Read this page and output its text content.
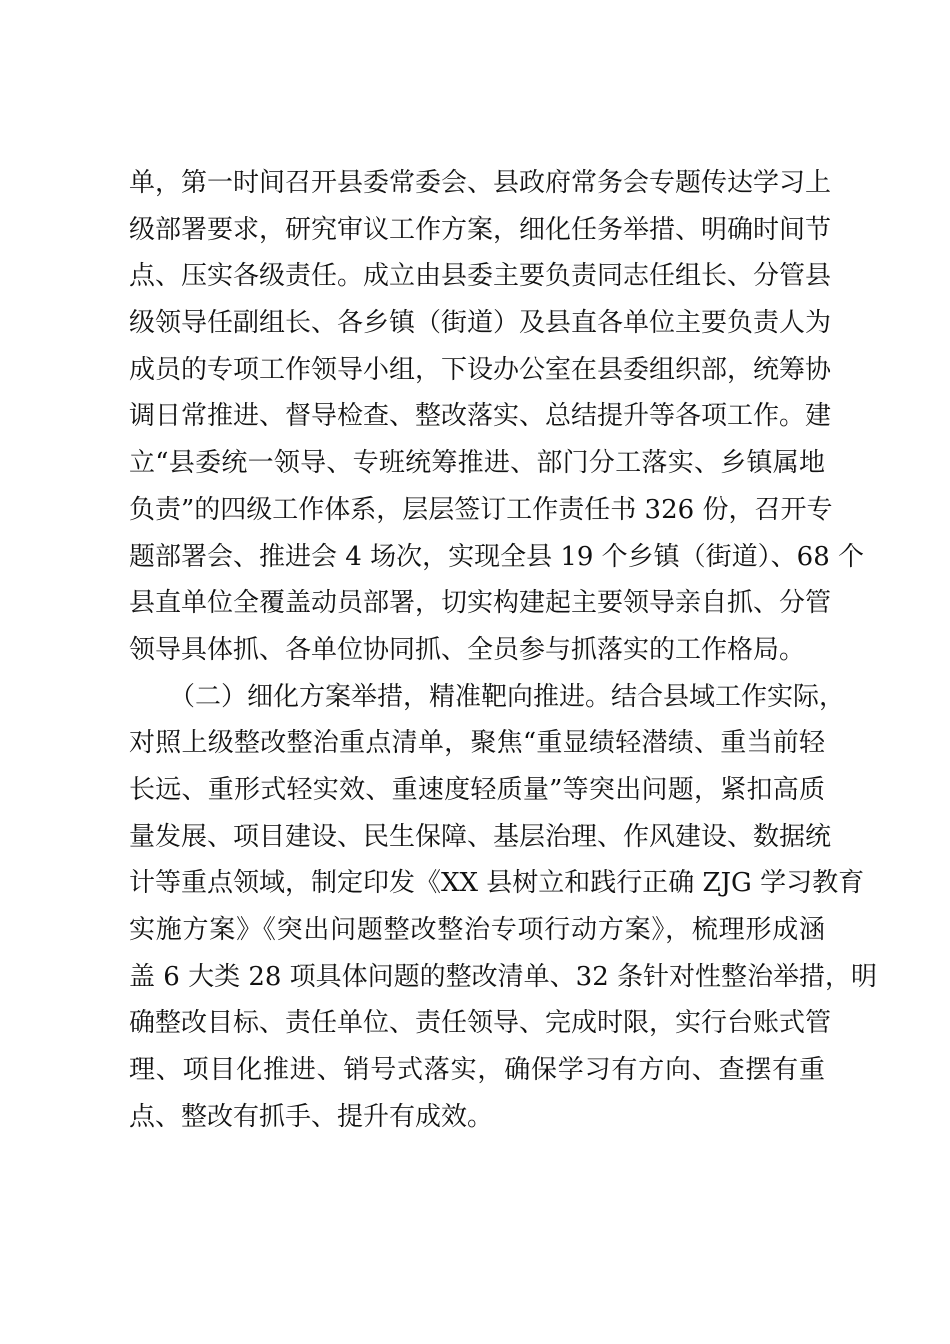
单，第一时间召开县委常委会、县政府常务会专题传达学习上
级部署要求，研究审议工作方案，细化任务举措、明确时间节
点、压实各级责任。成立由县委主要负责同志任组长、分管县
级领导任副组长、各乡镇（街道）及县直各单位主要负责人为
成员的专项工作领导小组，下设办公室在县委组织部，统筹协
调日常推进、督导检查、整改落实、总结提升等各项工作。建
立“县委统一领导、专班统筹推进、部门分工落实、乡镇属地
负责”的四级工作体系，层层签订工作责任书 326 份，召开专
题部署会、推进会 4 场次，实现全县 19 个乡镇（街道）、68 个
县直单位全覆盖动员部署，切实构建起主要领导亲自抓、分管
领导具体抓、各单位协同抓、全员参与抓落实的工作格局。
（二）细化方案举措，精准靶向推进。结合县域工作实际，
对照上级整改整治重点清单，聚焦“重显绩轻潜绩、重当前轻
长远、重形式轻实效、重速度轻质量”等突出问题，紧扣高质
量发展、项目建设、民生保障、基层治理、作风建设、数据统
计等重点领域，制定印发《XX 县树立和践行正确 ZJG 学习教育
实施方案》《突出问题整改整治专项行动方案》，梳理形成涵
盖 6 大类 28 项具体问题的整改清单、32 条针对性整治举措，明
确整改目标、责任单位、责任领导、完成时限，实行台账式管
理、项目化推进、销号式落实，确保学习有方向、查摆有重
点、整改有抓手、提升有成效。
